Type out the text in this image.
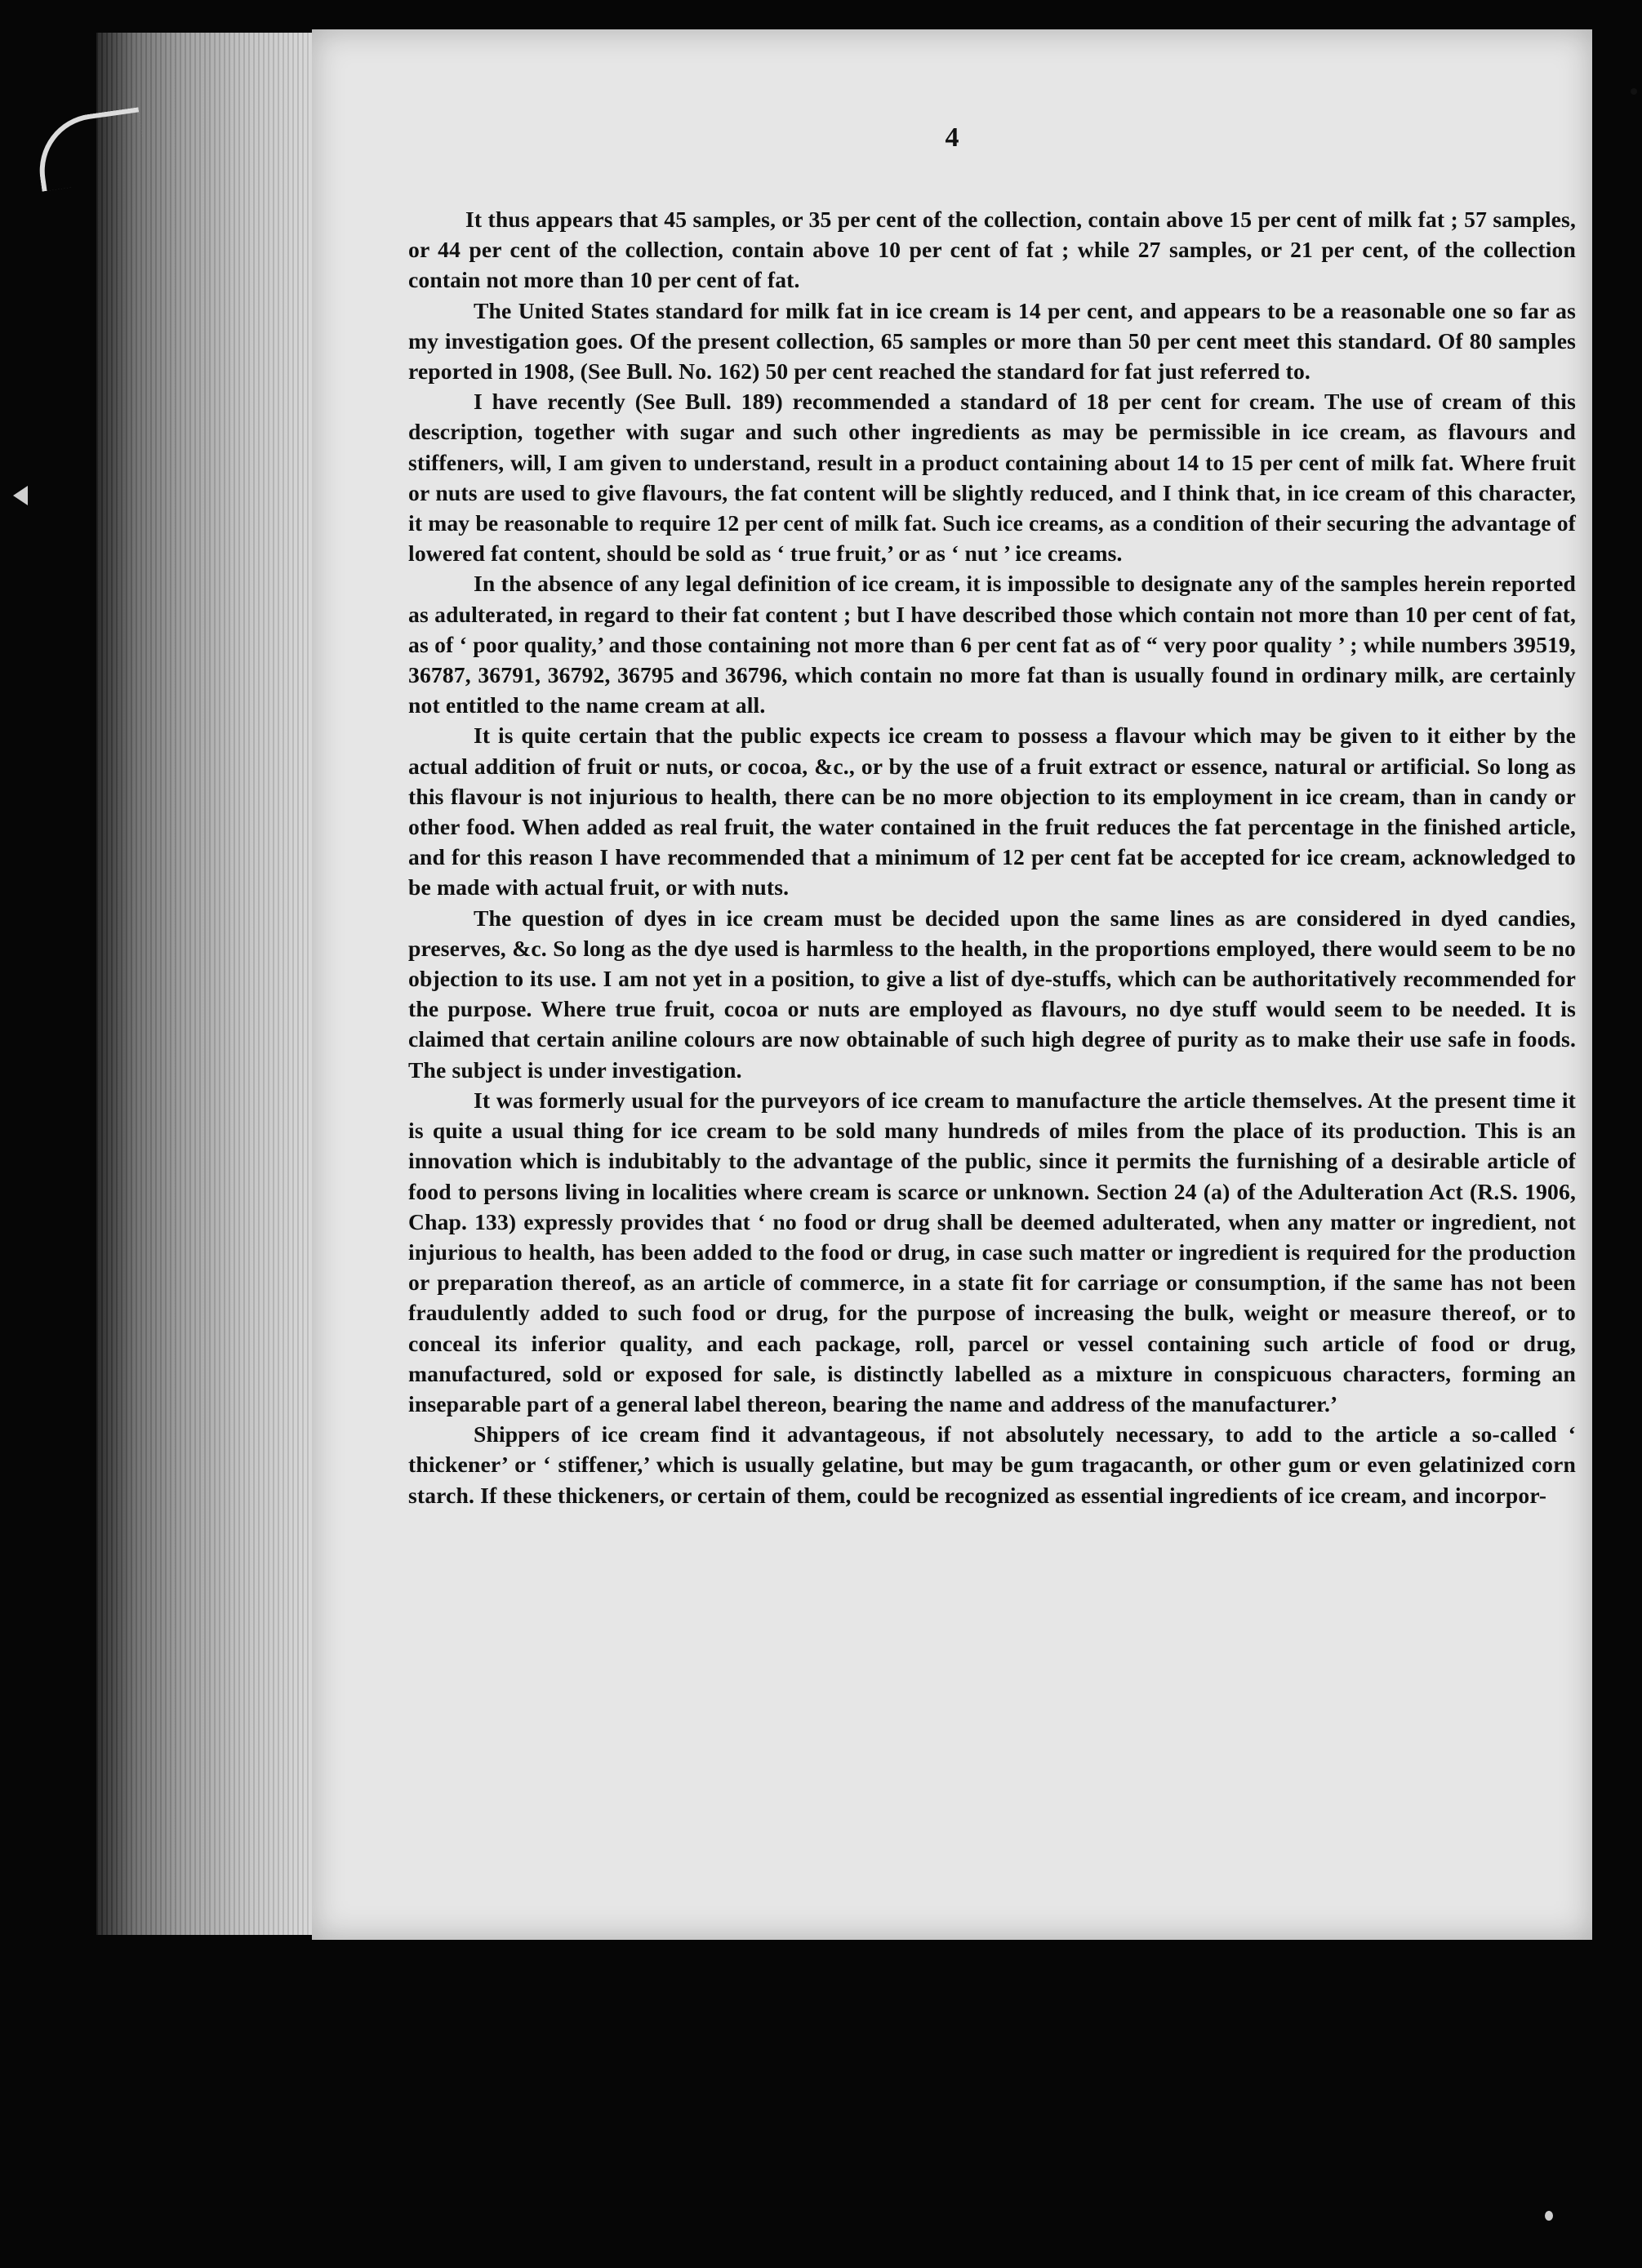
4

It thus appears that 45 samples, or 35 per cent of the collection, contain above 15 per cent of milk fat ; 57 samples, or 44 per cent of the collection, contain above 10 per cent of fat ; while 27 samples, or 21 per cent, of the collection contain not more than 10 per cent of fat.

The United States standard for milk fat in ice cream is 14 per cent, and appears to be a reasonable one so far as my investigation goes. Of the present collection, 65 samples or more than 50 per cent meet this standard. Of 80 samples reported in 1908, (See Bull. No. 162) 50 per cent reached the standard for fat just referred to.

I have recently (See Bull. 189) recommended a standard of 18 per cent for cream. The use of cream of this description, together with sugar and such other ingredients as may be permissible in ice cream, as flavours and stiffeners, will, I am given to understand, result in a product containing about 14 to 15 per cent of milk fat. Where fruit or nuts are used to give flavours, the fat content will be slightly reduced, and I think that, in ice cream of this character, it may be reasonable to require 12 per cent of milk fat. Such ice creams, as a condition of their securing the advantage of lowered fat content, should be sold as ‘ true fruit,’ or as ‘ nut ’ ice creams.

In the absence of any legal definition of ice cream, it is impossible to designate any of the samples herein reported as adulterated, in regard to their fat content ; but I have described those which contain not more than 10 per cent of fat, as of ‘ poor quality,’ and those containing not more than 6 per cent fat as of “ very poor quality ’ ; while numbers 39519, 36787, 36791, 36792, 36795 and 36796, which contain no more fat than is usually found in ordinary milk, are certainly not entitled to the name cream at all.

It is quite certain that the public expects ice cream to possess a flavour which may be given to it either by the actual addition of fruit or nuts, or cocoa, &c., or by the use of a fruit extract or essence, natural or artificial. So long as this flavour is not injurious to health, there can be no more objection to its employment in ice cream, than in candy or other food. When added as real fruit, the water contained in the fruit reduces the fat percentage in the finished article, and for this reason I have recommended that a minimum of 12 per cent fat be accepted for ice cream, acknowledged to be made with actual fruit, or with nuts.

The question of dyes in ice cream must be decided upon the same lines as are considered in dyed candies, preserves, &c. So long as the dye used is harmless to the health, in the proportions employed, there would seem to be no objection to its use. I am not yet in a position, to give a list of dye-stuffs, which can be authoritatively recommended for the purpose. Where true fruit, cocoa or nuts are employed as flavours, no dye stuff would seem to be needed. It is claimed that certain aniline colours are now obtainable of such high degree of purity as to make their use safe in foods. The subject is under investigation.

It was formerly usual for the purveyors of ice cream to manufacture the article themselves. At the present time it is quite a usual thing for ice cream to be sold many hundreds of miles from the place of its production. This is an innovation which is indubitably to the advantage of the public, since it permits the furnishing of a desirable article of food to persons living in localities where cream is scarce or unknown. Section 24 (a) of the Adulteration Act (R.S. 1906, Chap. 133) expressly provides that ‘ no food or drug shall be deemed adulterated, when any matter or ingredient, not injurious to health, has been added to the food or drug, in case such matter or ingredient is required for the production or preparation thereof, as an article of commerce, in a state fit for carriage or consumption, if the same has not been fraudulently added to such food or drug, for the purpose of increasing the bulk, weight or measure thereof, or to conceal its inferior quality, and each package, roll, parcel or vessel containing such article of food or drug, manufactured, sold or exposed for sale, is distinctly labelled as a mixture in conspicuous characters, forming an inseparable part of a general label thereon, bearing the name and address of the manufacturer.’

Shippers of ice cream find it advantageous, if not absolutely necessary, to add to the article a so-called ‘ thickener’ or ‘ stiffener,’ which is usually gelatine, but may be gum tragacanth, or other gum or even gelatinized corn starch. If these thickeners, or certain of them, could be recognized as essential ingredients of ice cream, and incorpor-
